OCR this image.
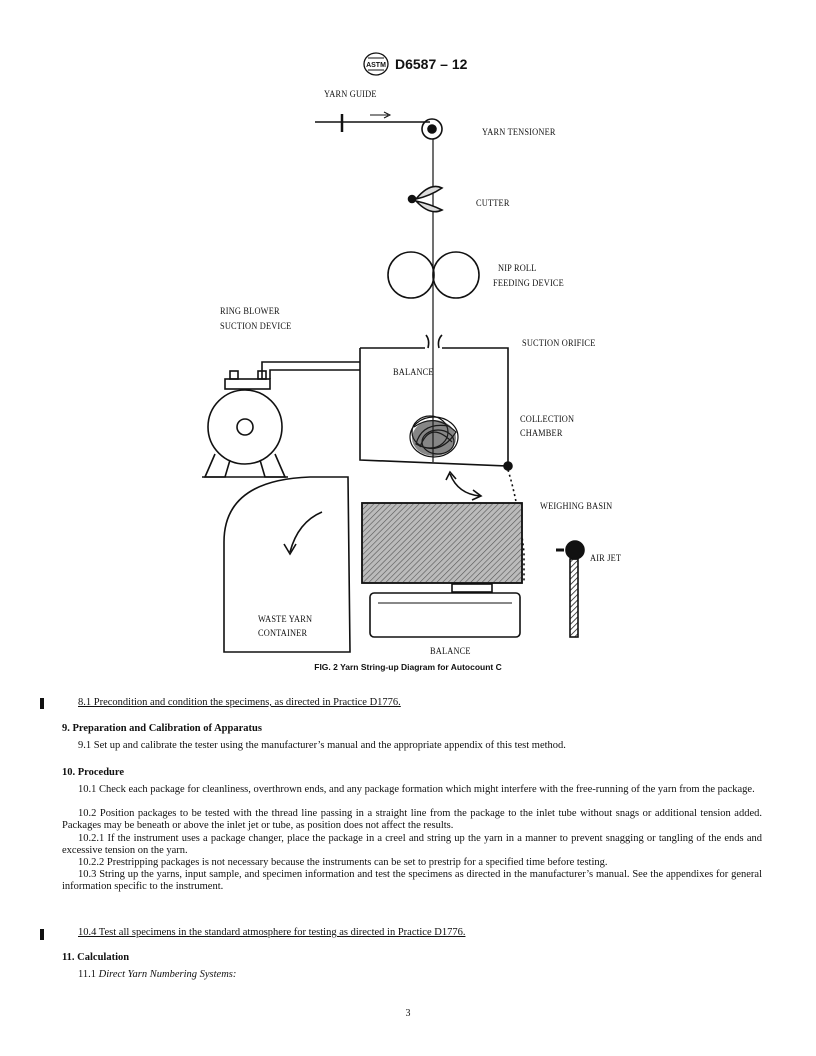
ASTM D6587 – 12
YARN GUIDE
YARN TENSIONER
CUTTER
NIP ROLL
FEEDING DEVICE
RING BLOWER
SUCTION DEVICE
SUCTION ORIFICE
BALANCE
COLLECTION
CHAMBER
WEIGHING BASIN
AIR JET
WASTE YARN
CONTAINER
BALANCE
FIG. 2 Yarn String-up Diagram for Autocount C
8.1 Precondition and condition the specimens, as directed in Practice D1776.
9. Preparation and Calibration of Apparatus
9.1 Set up and calibrate the tester using the manufacturer’s manual and the appropriate appendix of this test method.
10. Procedure
10.1 Check each package for cleanliness, overthrown ends, and any package formation which might interfere with the free-running of the yarn from the package.
10.2 Position packages to be tested with the thread line passing in a straight line from the package to the inlet tube without snags or additional tension added. Packages may be beneath or above the inlet jet or tube, as position does not affect the results.
10.2.1 If the instrument uses a package changer, place the package in a creel and string up the yarn in a manner to prevent snagging or tangling of the ends and excessive tension on the yarn.
10.2.2 Prestripping packages is not necessary because the instruments can be set to prestrip for a specified time before testing.
10.3 String up the yarns, input sample, and specimen information and test the specimens as directed in the manufacturer’s manual. See the appendixes for general information specific to the instrument.
10.4 Test all specimens in the standard atmosphere for testing as directed in Practice D1776.
11. Calculation
11.1 Direct Yarn Numbering Systems:
3
